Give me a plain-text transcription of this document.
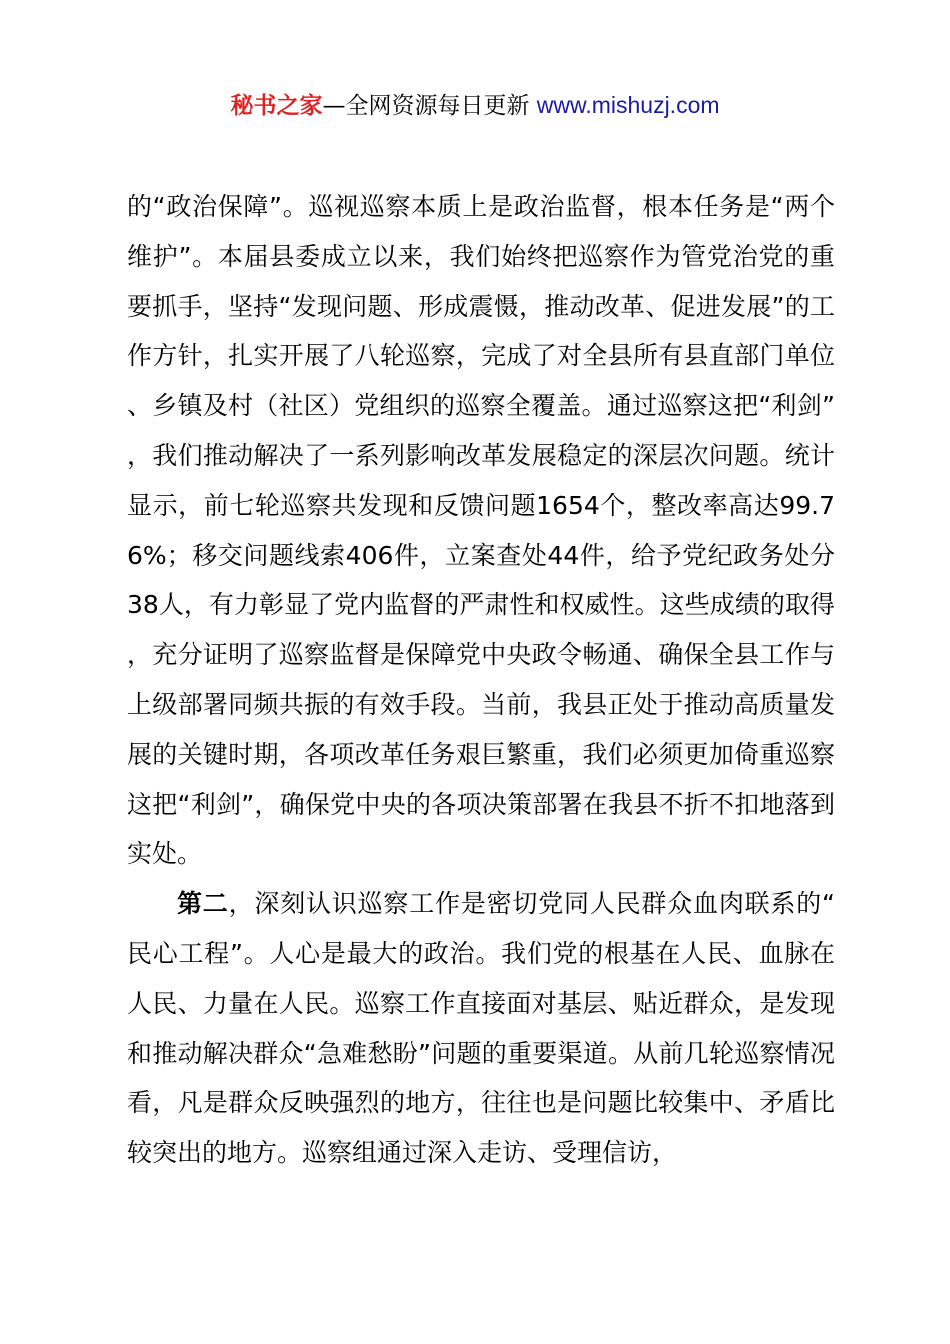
秘书之家—全网资源每日更新 www.mishuzj.com

的“政治保障”。巡视巡察本质上是政治监督，根本任务是“两个维护”。本届县委成立以来，我们始终把巡察作为管党治党的重要抓手，坚持“发现问题、形成震慑，推动改革、促进发展”的工作方针，扎实开展了八轮巡察，完成了对全县所有县直部门单位、乡镇及村（社区）党组织的巡察全覆盖。通过巡察这把“利剑”，我们推动解决了一系列影响改革发展稳定的深层次问题。统计显示，前七轮巡察共发现和反馈问题1654个，整改率高达99.76%；移交问题线索406件，立案查处44件，给予党纪政务处分38人，有力彰显了党内监督的严肃性和权威性。这些成绩的取得，充分证明了巡察监督是保障党中央政令畅通、确保全县工作与上级部署同频共振的有效手段。当前，我县正处于推动高质量发展的关键时期，各项改革任务艰巨繁重，我们必须更加倚重巡察这把“利剑”，确保党中央的各项决策部署在我县不折不扣地落到实处。

第二，深刻认识巡察工作是密切党同人民群众血肉联系的“民心工程”。人心是最大的政治。我们党的根基在人民、血脉在人民、力量在人民。巡察工作直接面对基层、贴近群众，是发现和推动解决群众“急难愁盼”问题的重要渠道。从前几轮巡察情况看，凡是群众反映强烈的地方，往往也是问题比较集中、矛盾比较突出的地方。巡察组通过深入走访、受理信访，
